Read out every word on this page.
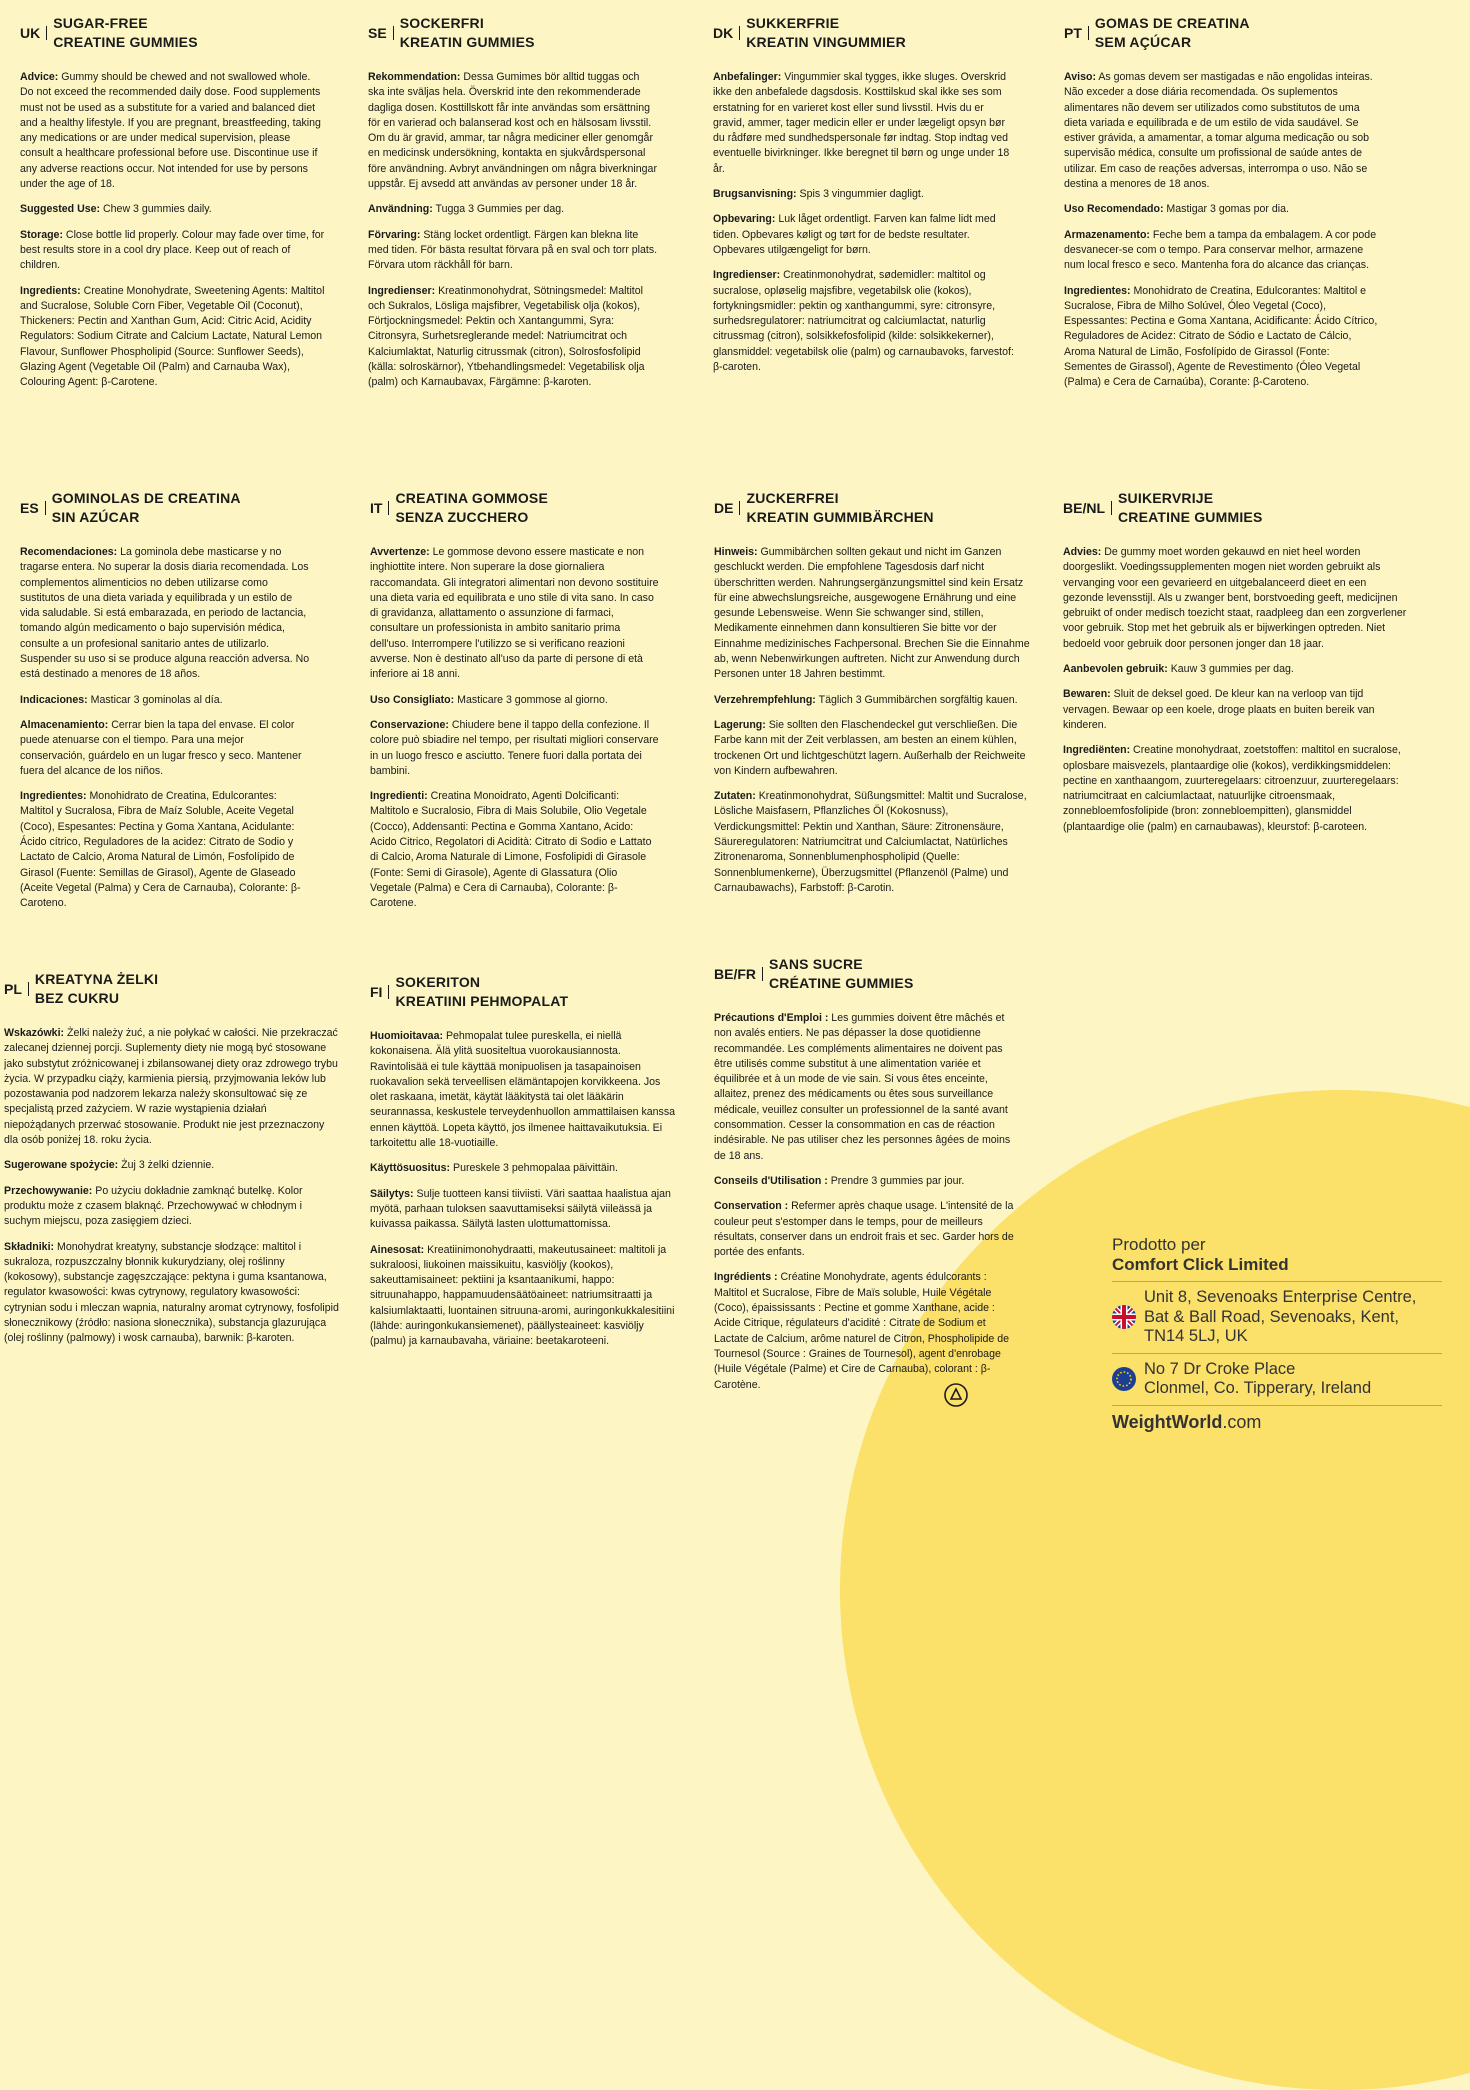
UK
SUGAR-FREE
CREATINE GUMMIES

Advice: Gummy should be chewed and not swallowed whole. Do not exceed the recommended daily dose. Food supplements must not be used as a substitute for a varied and balanced diet and a healthy lifestyle. If you are pregnant, breastfeeding, taking any medications or are under medical supervision, please consult a healthcare professional before use. Discontinue use if any adverse reactions occur. Not intended for use by persons under the age of 18.

Suggested Use: Chew 3 gummies daily.

Storage: Close bottle lid properly. Colour may fade over time, for best results store in a cool dry place. Keep out of reach of children.

Ingredients: Creatine Monohydrate, Sweetening Agents: Maltitol and Sucralose, Soluble Corn Fiber, Vegetable Oil (Coconut), Thickeners: Pectin and Xanthan Gum, Acid: Citric Acid, Acidity Regulators: Sodium Citrate and Calcium Lactate, Natural Lemon Flavour, Sunflower Phospholipid (Source: Sunflower Seeds), Glazing Agent (Vegetable Oil (Palm) and Carnauba Wax), Colouring Agent: β-Carotene.

SE
SOCKERFRI
KREATIN GUMMIES

Rekommendation: Dessa Gumimes bör alltid tuggas och ska inte sväljas hela. Överskrid inte den rekommenderade dagliga dosen. Kosttillskott får inte användas som ersättning för en varierad och balanserad kost och en hälsosam livsstil. Om du är gravid, ammar, tar några mediciner eller genomgår en medicinsk undersökning, kontakta en sjukvårdspersonal före användning. Avbryt användningen om några biverkningar uppstår. Ej avsedd att användas av personer under 18 år.

Användning: Tugga 3 Gummies per dag.

Förvaring: Stäng locket ordentligt. Färgen kan blekna lite med tiden. För bästa resultat förvara på en sval och torr plats. Förvara utom räckhåll för barn.

Ingredienser: Kreatinmonohydrat, Sötningsmedel: Maltitol och Sukralos, Lösliga majsfibrer, Vegetabilisk olja (kokos), Förtjockningsmedel: Pektin och Xantangummi, Syra: Citronsyra, Surhetsreglerande medel: Natriumcitrat och Kalciumlaktat, Naturlig citrussmak (citron), Solrosfosfolipid (källa: solroskärnor), Ytbehandlingsmedel: Vegetabilisk olja (palm) och Karnaubavax, Färgämne: β-karoten.

DK
SUKKERFRIE
KREATIN VINGUMMIER

Anbefalinger: Vingummier skal tygges, ikke sluges. Overskrid ikke den anbefalede dagsdosis. Kosttilskud skal ikke ses som erstatning for en varieret kost eller sund livsstil. Hvis du er gravid, ammer, tager medicin eller er under lægeligt opsyn bør du rådføre med sundhedspersonale før indtag. Stop indtag ved eventuelle bivirkninger. Ikke beregnet til børn og unge under 18 år.

Brugsanvisning: Spis 3 vingummier dagligt.

Opbevaring: Luk låget ordentligt. Farven kan falme lidt med tiden. Opbevares køligt og tørt for de bedste resultater. Opbevares utilgængeligt for børn.

Ingredienser: Creatinmonohydrat, sødemidler: maltitol og sucralose, opløselig majsfibre, vegetabilsk olie (kokos), fortykningsmidler: pektin og xanthangummi, syre: citronsyre, surhedsregulatorer: natriumcitrat og calciumlactat, naturlig citrussmag (citron), solsikkefosfolipid (kilde: solsikkekerner), glansmiddel: vegetabilsk olie (palm) og carnaubavoks, farvestof: β-caroten.

PT
GOMAS DE CREATINA
SEM AÇÚCAR

Aviso: As gomas devem ser mastigadas e não engolidas inteiras. Não exceder a dose diária recomendada. Os suplementos alimentares não devem ser utilizados como substitutos de uma dieta variada e equilibrada e de um estilo de vida saudável. Se estiver grávida, a amamentar, a tomar alguma medicação ou sob supervisão médica, consulte um profissional de saúde antes de utilizar. Em caso de reações adversas, interrompa o uso. Não se destina a menores de 18 anos.

Uso Recomendado: Mastigar 3 gomas por dia.

Armazenamento: Feche bem a tampa da embalagem. A cor pode desvanecer-se com o tempo. Para conservar melhor, armazene num local fresco e seco. Mantenha fora do alcance das crianças.

Ingredientes: Monohidrato de Creatina, Edulcorantes: Maltitol e Sucralose, Fibra de Milho Solúvel, Óleo Vegetal (Coco), Espessantes: Pectina e Goma Xantana, Acidificante: Ácido Cítrico, Reguladores de Acidez: Citrato de Sódio e Lactato de Cálcio, Aroma Natural de Limão, Fosfolípido de Girassol (Fonte: Sementes de Girassol), Agente de Revestimento (Óleo Vegetal (Palma) e Cera de Carnaúba), Corante: β-Caroteno.

ES
GOMINOLAS DE CREATINA
SIN AZÚCAR

Recomendaciones: La gominola debe masticarse y no tragarse entera. No superar la dosis diaria recomendada. Los complementos alimenticios no deben utilizarse como sustitutos de una dieta variada y equilibrada y un estilo de vida saludable. Si está embarazada, en periodo de lactancia, tomando algún medicamento o bajo supervisión médica, consulte a un profesional sanitario antes de utilizarlo. Suspender su uso si se produce alguna reacción adversa. No está destinado a menores de 18 años.

Indicaciones: Masticar 3 gominolas al día.

Almacenamiento: Cerrar bien la tapa del envase. El color puede atenuarse con el tiempo. Para una mejor conservación, guárdelo en un lugar fresco y seco. Mantener fuera del alcance de los niños.

Ingredientes: Monohidrato de Creatina, Edulcorantes: Maltitol y Sucralosa, Fibra de Maíz Soluble, Aceite Vegetal (Coco), Espesantes: Pectina y Goma Xantana, Acidulante: Ácido cítrico, Reguladores de la acidez: Citrato de Sodio y Lactato de Calcio, Aroma Natural de Limón, Fosfolípido de Girasol (Fuente: Semillas de Girasol), Agente de Glaseado (Aceite Vegetal (Palma) y Cera de Carnauba), Colorante: β-Caroteno.

IT
CREATINA GOMMOSE
SENZA ZUCCHERO

Avvertenze: Le gommose devono essere masticate e non inghiottite intere. Non superare la dose giornaliera raccomandata. Gli integratori alimentari non devono sostituire una dieta varia ed equilibrata e uno stile di vita sano. In caso di gravidanza, allattamento o assunzione di farmaci, consultare un professionista in ambito sanitario prima dell'uso. Interrompere l'utilizzo se si verificano reazioni avverse. Non è destinato all'uso da parte di persone di età inferiore ai 18 anni.

Uso Consigliato: Masticare 3 gommose al giorno.

Conservazione: Chiudere bene il tappo della confezione. Il colore può sbiadire nel tempo, per risultati migliori conservare in un luogo fresco e asciutto. Tenere fuori dalla portata dei bambini.

Ingredienti: Creatina Monoidrato, Agenti Dolcificanti: Maltitolo e Sucralosio, Fibra di Mais Solubile, Olio Vegetale (Cocco), Addensanti: Pectina e Gomma Xantano, Acido: Acido Citrico, Regolatori di Acidità: Citrato di Sodio e Lattato di Calcio, Aroma Naturale di Limone, Fosfolipidi di Girasole (Fonte: Semi di Girasole), Agente di Glassatura (Olio Vegetale (Palma) e Cera di Carnauba), Colorante: β-Carotene.

DE
ZUCKERFREI
KREATIN GUMMIBÄRCHEN

Hinweis: Gummibärchen sollten gekaut und nicht im Ganzen geschluckt werden. Die empfohlene Tagesdosis darf nicht überschritten werden. Nahrungsergänzungsmittel sind kein Ersatz für eine abwechslungsreiche, ausgewogene Ernährung und eine gesunde Lebensweise. Wenn Sie schwanger sind, stillen, Medikamente einnehmen dann konsultieren Sie bitte vor der Einnahme medizinisches Fachpersonal. Brechen Sie die Einnahme ab, wenn Nebenwirkungen auftreten. Nicht zur Anwendung durch Personen unter 18 Jahren bestimmt.

Verzehrempfehlung: Täglich 3 Gummibärchen sorgfältig kauen.

Lagerung: Sie sollten den Flaschendeckel gut verschließen. Die Farbe kann mit der Zeit verblassen, am besten an einem kühlen, trockenen Ort und lichtgeschützt lagern. Außerhalb der Reichweite von Kindern aufbewahren.

Zutaten: Kreatinmonohydrat, Süßungsmittel: Maltit und Sucralose, Lösliche Maisfasern, Pflanzliches Öl (Kokosnuss), Verdickungsmittel: Pektin und Xanthan, Säure: Zitronensäure, Säureregulatoren: Natriumcitrat und Calciumlactat, Natürliches Zitronenaroma, Sonnenblumenphospholipid (Quelle: Sonnenblumenkerne), Überzugsmittel (Pflanzenöl (Palme) und Carnaubawachs), Farbstoff: β-Carotin.

BE/NL
SUIKERVRIJE
CREATINE GUMMIES

Advies: De gummy moet worden gekauwd en niet heel worden doorgeslikt. Voedingssupplementen mogen niet worden gebruikt als vervanging voor een gevarieerd en uitgebalanceerd dieet en een gezonde levensstijl. Als u zwanger bent, borstvoeding geeft, medicijnen gebruikt of onder medisch toezicht staat, raadpleeg dan een zorgverlener voor gebruik. Stop met het gebruik als er bijwerkingen optreden. Niet bedoeld voor gebruik door personen jonger dan 18 jaar.

Aanbevolen gebruik: Kauw 3 gummies per dag.

Bewaren: Sluit de deksel goed. De kleur kan na verloop van tijd vervagen. Bewaar op een koele, droge plaats en buiten bereik van kinderen.

Ingrediënten: Creatine monohydraat, zoetstoffen: maltitol en sucralose, oplosbare maisvezels, plantaardige olie (kokos), verdikkingsmiddelen: pectine en xanthaangom, zuurteregelaars: citroenzuur, zuurteregelaars: natriumcitraat en calciumlactaat, natuurlijke citroensmaak, zonnebloemfosfolipide (bron: zonnebloempitten), glansmiddel (plantaardige olie (palm) en carnaubawas), kleurstof: β-caroteen.

PL
KREATYNA ŻELKI
BEZ CUKRU

Wskazówki: Żelki należy żuć, a nie połykać w całości. Nie przekraczać zalecanej dziennej porcji. Suplementy diety nie mogą być stosowane jako substytut zróżnicowanej i zbilansowanej diety oraz zdrowego trybu życia. W przypadku ciąży, karmienia piersią, przyjmowania leków lub pozostawania pod nadzorem lekarza należy skonsultować się ze specjalistą przed zażyciem. W razie wystąpienia działań niepożądanych przerwać stosowanie. Produkt nie jest przeznaczony dla osób poniżej 18. roku życia.

Sugerowane spożycie: Żuj 3 żelki dziennie.

Przechowywanie: Po użyciu dokładnie zamknąć butelkę. Kolor produktu może z czasem blaknąć. Przechowywać w chłodnym i suchym miejscu, poza zasięgiem dzieci.

Składniki: Monohydrat kreatyny, substancje słodzące: maltitol i sukraloza, rozpuszczalny błonnik kukurydziany, olej roślinny (kokosowy), substancje zagęszczające: pektyna i guma ksantanowa, regulator kwasowości: kwas cytrynowy, regulatory kwasowości: cytrynian sodu i mleczan wapnia, naturalny aromat cytrynowy, fosfolipid słonecznikowy (źródło: nasiona słonecznika), substancja glazurująca (olej roślinny (palmowy) i wosk carnauba), barwnik: β-karoten.

FI
SOKERITON
KREATIINI PEHMOPALAT

Huomioitavaa: Pehmopalat tulee pureskella, ei niellä kokonaisena. Älä ylitä suositeltua vuorokausiannosta. Ravintolisää ei tule käyttää monipuolisen ja tasapainoisen ruokavalion sekä terveellisen elämäntapojen korvikkeena. Jos olet raskaana, imetät, käytät lääkitystä tai olet lääkärin seurannassa, keskustele terveydenhuollon ammattilaisen kanssa ennen käyttöä. Lopeta käyttö, jos ilmenee haittavaikutuksia. Ei tarkoitettu alle 18-vuotiaille.

Käyttösuositus: Pureskele 3 pehmopalaa päivittäin.

Säilytys: Sulje tuotteen kansi tiiviisti. Väri saattaa haalistua ajan myötä, parhaan tuloksen saavuttamiseksi säilytä viileässä ja kuivassa paikassa. Säilytä lasten ulottumattomissa.

Ainesosat: Kreatiinimonohydraatti, makeutusaineet: maltitoli ja sukraloosi, liukoinen maissikuitu, kasviöljy (kookos), sakeuttamisaineet: pektiini ja ksantaanikumi, happo: sitruunahappo, happamuudensäätöaineet: natriumsitraatti ja kalsiumlaktaatti, luontainen sitruuna-aromi, auringonkukkalesitiini (lähde: auringonkukansiemenet), päällysteaineet: kasviöljy (palmu) ja karnaubavaha, väriaine: beetakaroteeni.

BE/FR
SANS SUCRE
CRÉATINE GUMMIES

Précautions d'Emploi : Les gummies doivent être mâchés et non avalés entiers. Ne pas dépasser la dose quotidienne recommandée. Les compléments alimentaires ne doivent pas être utilisés comme substitut à une alimentation variée et équilibrée et à un mode de vie sain. Si vous êtes enceinte, allaitez, prenez des médicaments ou êtes sous surveillance médicale, veuillez consulter un professionnel de la santé avant consommation. Cesser la consommation en cas de réaction indésirable. Ne pas utiliser chez les personnes âgées de moins de 18 ans.

Conseils d'Utilisation : Prendre 3 gummies par jour.

Conservation : Refermer après chaque usage. L'intensité de la couleur peut s'estomper dans le temps, pour de meilleurs résultats, conserver dans un endroit frais et sec. Garder hors de portée des enfants.

Ingrédients : Créatine Monohydrate, agents édulcorants : Maltitol et Sucralose, Fibre de Maïs soluble, Huile Végétale (Coco), épaississants : Pectine et gomme Xanthane, acide : Acide Citrique, régulateurs d'acidité : Citrate de Sodium et Lactate de Calcium, arôme naturel de Citron, Phospholipide de Tournesol (Source : Graines de Tournesol), agent d'enrobage (Huile Végétale (Palme) et Cire de Carnauba), colorant : β-Carotène.

Prodotto per
Comfort Click Limited
Unit 8, Sevenoaks Enterprise Centre,
Bat & Ball Road, Sevenoaks, Kent,
TN14 5LJ, UK
No 7 Dr Croke Place
Clonmel, Co. Tipperary, Ireland
WeightWorld.com
